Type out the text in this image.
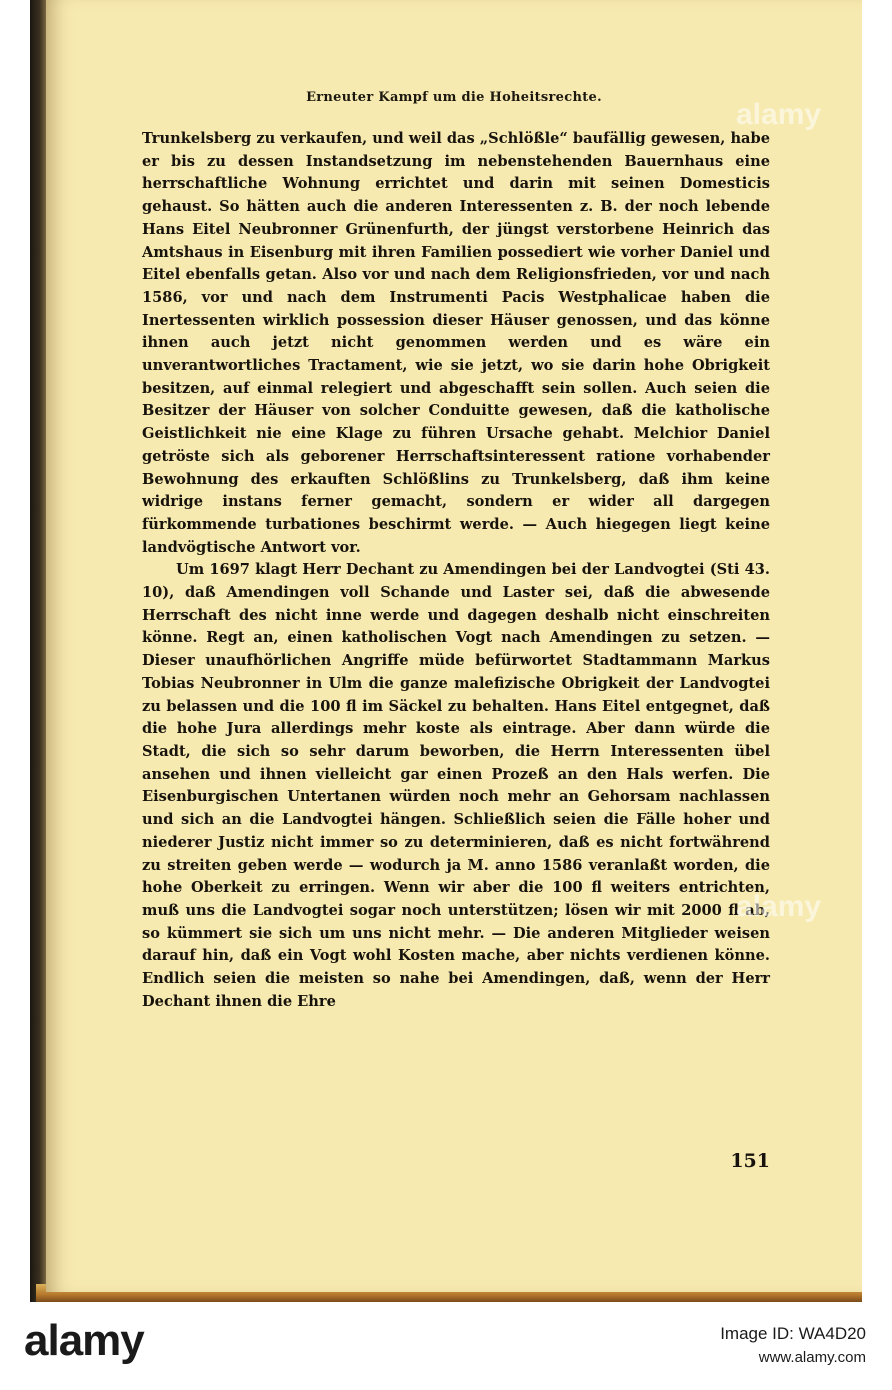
Erneuter Kampf um die Hoheitsrechte.

Trunkelsberg zu verkaufen, und weil das „Schlößle“ baufällig gewesen, habe er bis zu dessen Instandsetzung im nebenstehenden Bauernhaus eine herrschaftliche Wohnung errichtet und darin mit seinen Domesticis gehaust. So hätten auch die anderen Interessenten z. B. der noch lebende Hans Eitel Neubronner Grünenfurth, der jüngst verstorbene Heinrich das Amtshaus in Eisenburg mit ihren Familien possediert wie vorher Daniel und Eitel ebenfalls getan. Also vor und nach dem Religionsfrieden, vor und nach 1586, vor und nach dem Instrumenti Pacis Westphalicae haben die Inertessenten wirklich possession dieser Häuser genossen, und das könne ihnen auch jetzt nicht genommen werden und es wäre ein unverantwortliches Tractament, wie sie jetzt, wo sie darin hohe Obrigkeit besitzen, auf einmal relegiert und abgeschafft sein sollen. Auch seien die Besitzer der Häuser von solcher Conduitte gewesen, daß die katholische Geistlichkeit nie eine Klage zu führen Ursache gehabt. Melchior Daniel getröste sich als geborener Herrschaftsinteressent ratione vorhabender Bewohnung des erkauften Schlößlins zu Trunkelsberg, daß ihm keine widrige instans ferner gemacht, sondern er wider all dargegen fürkommende turbationes beschirmt werde. — Auch hiegegen liegt keine landvögtische Antwort vor.

Um 1697 klagt Herr Dechant zu Amendingen bei der Landvogtei (Sti 43. 10), daß Amendingen voll Schande und Laster sei, daß die abwesende Herrschaft des nicht inne werde und dagegen deshalb nicht einschreiten könne. Regt an, einen katholischen Vogt nach Amendingen zu setzen. — Dieser unaufhörlichen Angriffe müde befürwortet Stadtammann Markus Tobias Neubronner in Ulm die ganze malefizische Obrigkeit der Landvogtei zu belassen und die 100 fl im Säckel zu behalten. Hans Eitel entgegnet, daß die hohe Jura allerdings mehr koste als eintrage. Aber dann würde die Stadt, die sich so sehr darum beworben, die Herrn Interessenten übel ansehen und ihnen vielleicht gar einen Prozeß an den Hals werfen. Die Eisenburgischen Untertanen würden noch mehr an Gehorsam nachlassen und sich an die Landvogtei hängen. Schließlich seien die Fälle hoher und niederer Justiz nicht immer so zu determinieren, daß es nicht fortwährend zu streiten geben werde — wodurch ja M. anno 1586 veranlaßt worden, die hohe Oberkeit zu erringen. Wenn wir aber die 100 fl weiters entrichten, muß uns die Landvogtei sogar noch unterstützen; lösen wir mit 2000 fl ab, so kümmert sie sich um uns nicht mehr. — Die anderen Mitglieder weisen darauf hin, daß ein Vogt wohl Kosten mache, aber nichts verdienen könne. Endlich seien die meisten so nahe bei Amendingen, daß, wenn der Herr Dechant ihnen die Ehre

151
alamy
alamy
alamy	Image ID: WA4D20
www.alamy.com
